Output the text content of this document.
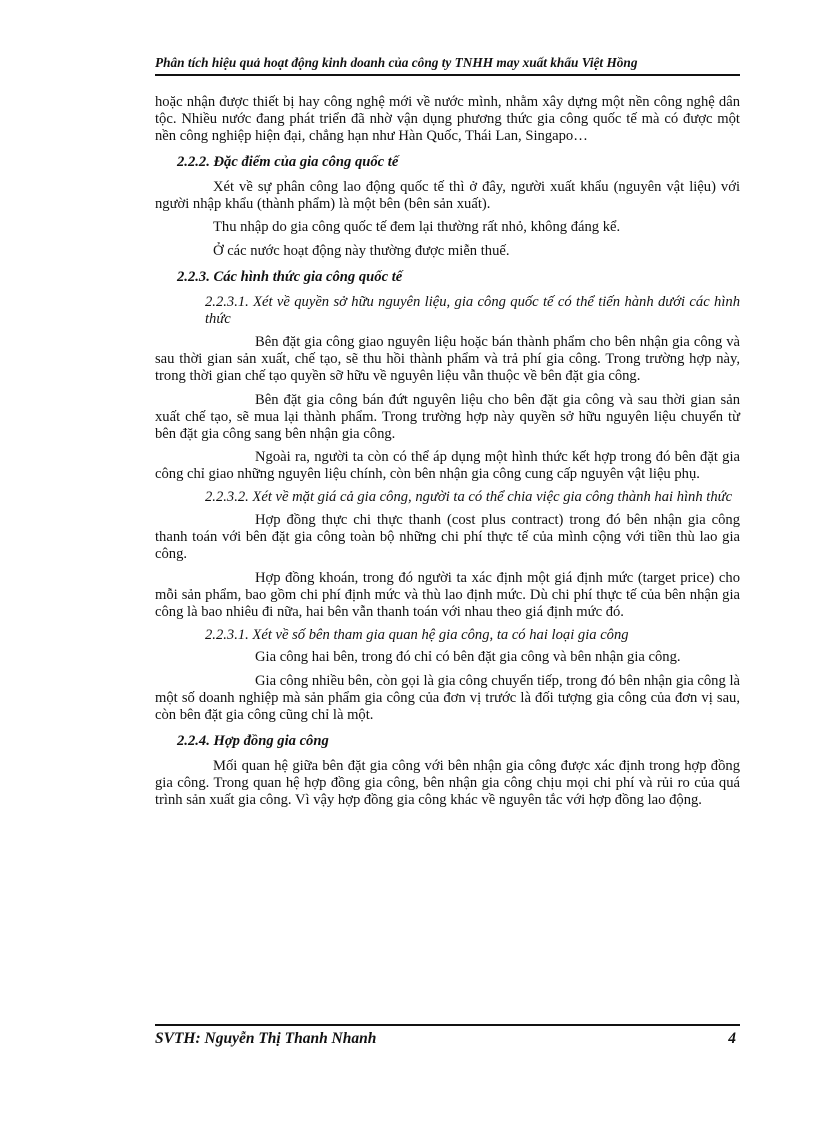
Phân tích hiệu quả hoạt động kinh doanh của công ty TNHH may xuất khẩu Việt Hồng

hoặc nhận được thiết bị hay công nghệ mới về nước mình, nhằm xây dựng một nền công nghệ dân tộc. Nhiều nước đang phát triển đã nhờ vận dụng phương thức gia công quốc tế mà có được một nền công nghiệp hiện đại, chẳng hạn như Hàn Quốc, Thái Lan, Singapo…

2.2.2. Đặc điểm của gia công quốc tế

Xét về sự phân công lao động quốc tế thì ở đây, người xuất khẩu (nguyên vật liệu) với người nhập khẩu (thành phẩm) là một bên (bên sản xuất).

Thu nhập do gia công quốc tế đem lại thường rất nhỏ, không đáng kể.

Ở các nước hoạt động này thường được miễn thuế.

2.2.3. Các hình thức gia công quốc tế

2.2.3.1. Xét về quyền sở hữu nguyên liệu, gia công quốc tế có thể tiến hành dưới các hình thức

Bên đặt gia công giao nguyên liệu hoặc bán thành phẩm cho bên nhận gia công và sau thời gian sản xuất, chế tạo, sẽ thu hồi thành phẩm và trả phí gia công. Trong trường hợp này, trong thời gian chế tạo quyền sỡ hữu về nguyên liệu vẫn thuộc về bên đặt gia công.

Bên đặt gia công bán đứt nguyên liệu cho bên đặt gia công và sau thời gian sản xuất chế tạo, sẽ mua lại thành phẩm. Trong trường hợp này quyền sở hữu nguyên liệu chuyển từ bên đặt gia công sang bên nhận gia công.

Ngoài ra, người ta còn có thể áp dụng một hình thức kết hợp trong đó bên đặt gia công chỉ giao những nguyên liệu chính, còn bên nhận gia công cung cấp nguyên vật liệu phụ.

2.2.3.2. Xét về mặt giá cả gia công, người ta có thể chia việc gia công thành hai hình thức

Hợp đồng thực chi thực thanh (cost plus contract) trong đó bên nhận gia công thanh toán với bên đặt gia công toàn bộ những chi phí thực tế của mình cộng với tiền thù lao gia công.

Hợp đồng khoán, trong đó người ta xác định một giá định mức (target price) cho mỗi sản phẩm, bao gồm chi phí định mức và thù lao định mức. Dù chi phí thực tế của bên nhận gia công là bao nhiêu đi nữa, hai bên vẫn thanh toán với nhau theo giá định mức đó.

2.2.3.1. Xét về số bên tham gia quan hệ gia công, ta có hai loại gia công

Gia công hai bên, trong đó chỉ có bên đặt gia công và bên nhận gia công.

Gia công nhiều bên, còn gọi là gia công chuyển tiếp, trong đó bên nhận gia công là một số doanh nghiệp mà sản phẩm gia công của đơn vị trước là đối tượng gia công của đơn vị sau, còn bên đặt gia công cũng chỉ là một.

2.2.4. Hợp đồng gia công

Mối quan hệ giữa bên đặt gia công với bên nhận gia công được xác định trong hợp đồng gia công. Trong quan hệ hợp đồng gia công, bên nhận gia công chịu mọi chi phí và rủi ro của quá trình sản xuất gia công. Vì vậy hợp đồng gia công khác về nguyên tắc với hợp đồng lao động.

SVTH: Nguyễn Thị Thanh Nhanh	4
